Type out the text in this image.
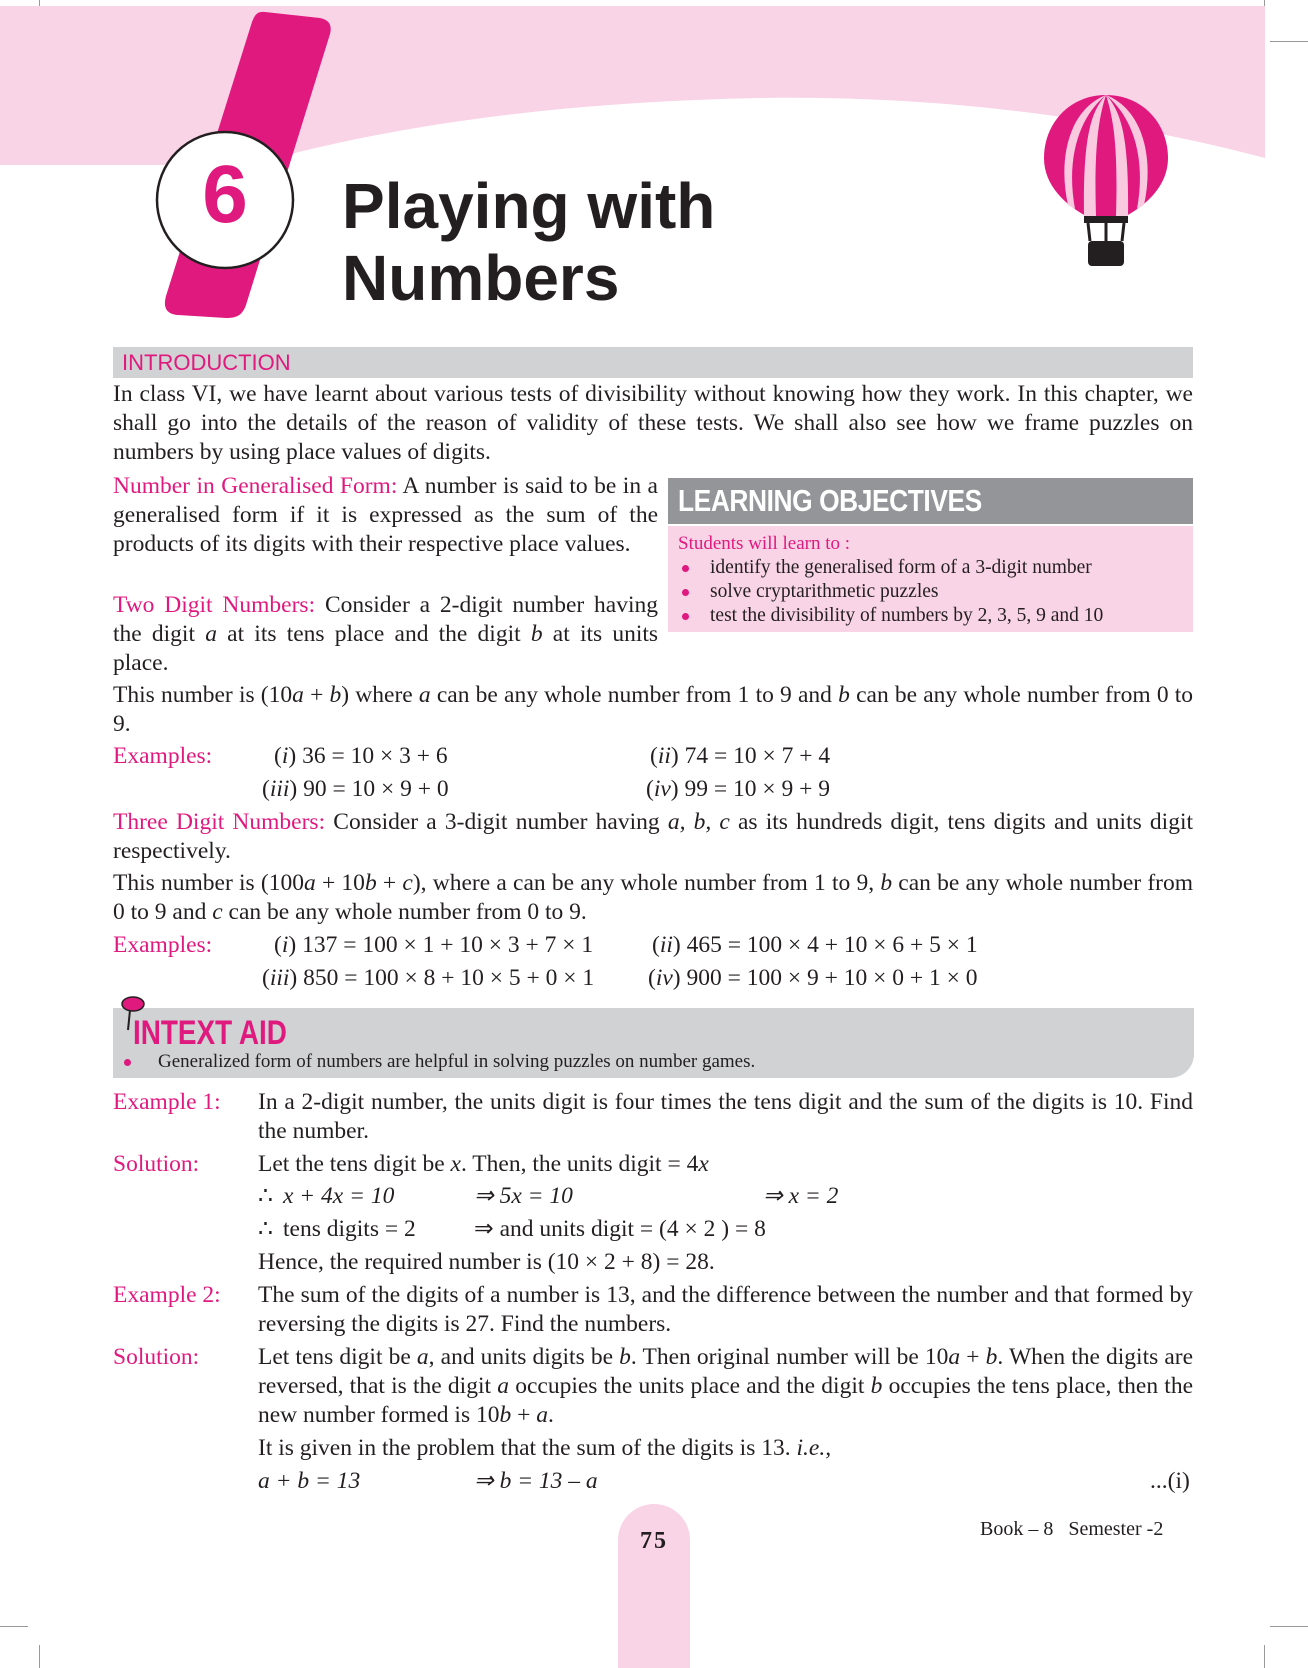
6	Playing with
Numbers
INTRODUCTION
In class VI, we have learnt about various tests of divisibility without knowing how they work. In this chapter, we shall go into the details of the reason of validity of these tests. We shall also see how we frame puzzles on numbers by using place values of digits.
Number in Generalised Form: A number is said to be in a generalised form if it is expressed as the sum of the products of its digits with their respective place values.
Two Digit Numbers: Consider a 2-digit number having the digit a at its tens place and the digit b at its units place.
LEARNING OBJECTIVES
Students will learn to :
identify the generalised form of a 3-digit number
solve cryptarithmetic puzzles
test the divisibility of numbers by 2, 3, 5, 9 and 10
This number is (10a + b) where a can be any whole number from 1 to 9 and b can be any whole number from 0 to 9.
Examples:	(i) 36 = 10 × 3 + 6	(ii) 74 = 10 × 7 + 4
(iii) 90 = 10 × 9 + 0	(iv) 99 = 10 × 9 + 9
Three Digit Numbers: Consider a 3-digit number having a, b, c as its hundreds digit, tens digits and units digit respectively.
This number is (100a + 10b + c), where a can be any whole number from 1 to 9, b can be any whole number from 0 to 9 and c can be any whole number from 0 to 9.
Examples:	(i) 137 = 100 × 1 + 10 × 3 + 7 × 1	(ii) 465 = 100 × 4 + 10 × 6 + 5 × 1
(iii) 850 = 100 × 8 + 10 × 5 + 0 × 1 (iv) 900 = 100 × 9 + 10 × 0 + 1 × 0
INTEXT AID
Generalized form of numbers are helpful in solving puzzles on number games.
Example 1: In a 2-digit number, the units digit is four times the tens digit and the sum of the digits is 10. Find the number.
Solution:	Let the tens digit be x. Then, the units digit = 4x
∴ x + 4x = 10	⇒ 5x = 10	⇒ x = 2
∴ tens digits = 2 ⇒ and units digit = (4 × 2 ) = 8
Hence, the required number is (10 × 2 + 8) = 28.
Example 2: The sum of the digits of a number is 13, and the difference between the number and that formed by reversing the digits is 27. Find the numbers.
Solution:	Let tens digit be a, and units digits be b. Then original number will be 10a + b. When the digits are reversed, that is the digit a occupies the units place and the digit b occupies the tens place, then the new number formed is 10b + a.
It is given in the problem that the sum of the digits is 13. i.e.,
a + b = 13	⇒ b = 13 – a	...(i)
75	Book – 8 Semester -2
